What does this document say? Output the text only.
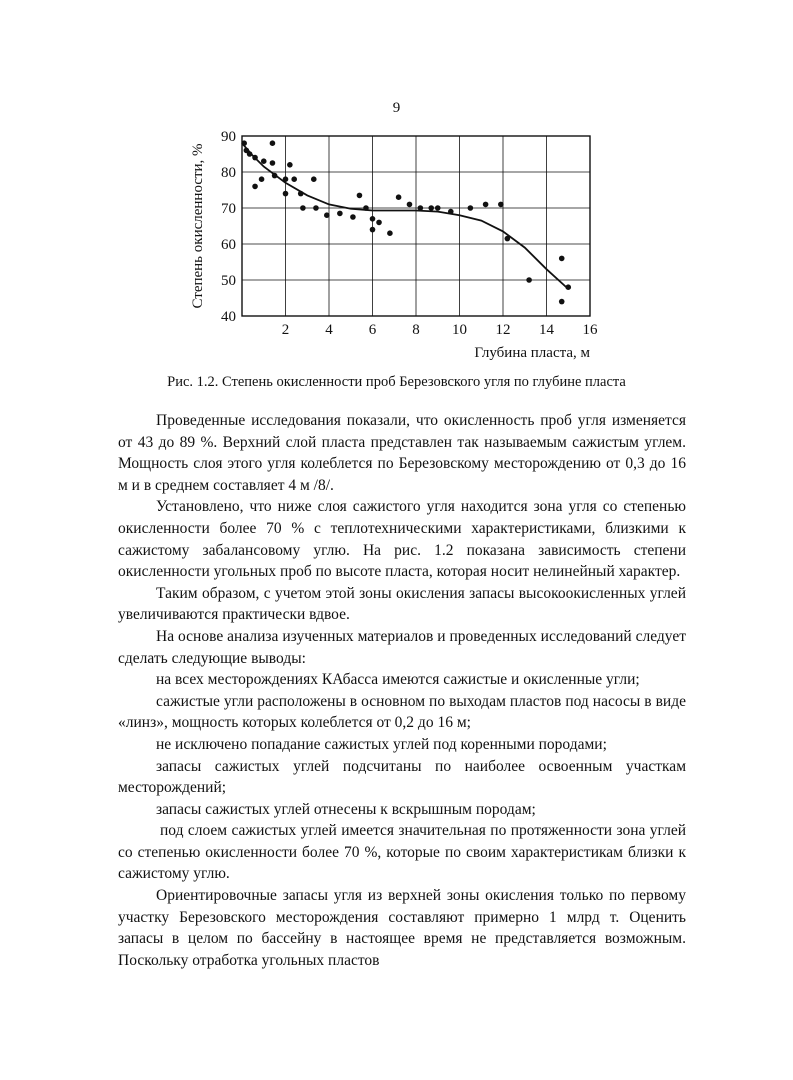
9
2 4 6 8 10 12 14 16
40
50
60
70
80
90
Глубина пласта, м
Степень окисленности, %
Рис. 1.2. Степень окисленности проб Березовского угля по глубине пласта

Проведенные исследования показали, что окисленность проб угля изменяется от 43 до 89 %. Верхний слой пласта представлен так называемым сажистым углем. Мощность слоя этого угля колеблется по Березовскому месторождению от 0,3 до 16 м и в среднем составляет 4 м /8/.

Установлено, что ниже слоя сажистого угля находится зона угля со степенью окисленности более 70 % с теплотехническими характеристиками, близкими к сажистому забалансовому углю. На рис. 1.2 показана зависимость степени окисленности угольных проб по высоте пласта, которая носит нелинейный характер.

Таким образом, с учетом этой зоны окисления запасы высокоокисленных углей увеличиваются практически вдвое.

На основе анализа изученных материалов и проведенных исследований следует сделать следующие выводы:

на всех месторождениях КАбасса имеются сажистые и окисленные угли;

сажистые угли расположены в основном по выходам пластов под насосы в виде «линз», мощность которых колеблется от 0,2 до 16 м;

не исключено попадание сажистых углей под коренными породами;

запасы сажистых углей подсчитаны по наиболее освоенным участкам месторождений;

запасы сажистых углей отнесены к вскрышным породам;

под слоем сажистых углей имеется значительная по протяженности зона углей со степенью окисленности более 70 %, которые по своим характеристикам близки к сажистому углю.

Ориентировочные запасы угля из верхней зоны окисления только по первому участку Березовского месторождения составляют примерно 1 млрд т. Оценить запасы в целом по бассейну в настоящее время не представляется возможным. Поскольку отработка угольных пластов
